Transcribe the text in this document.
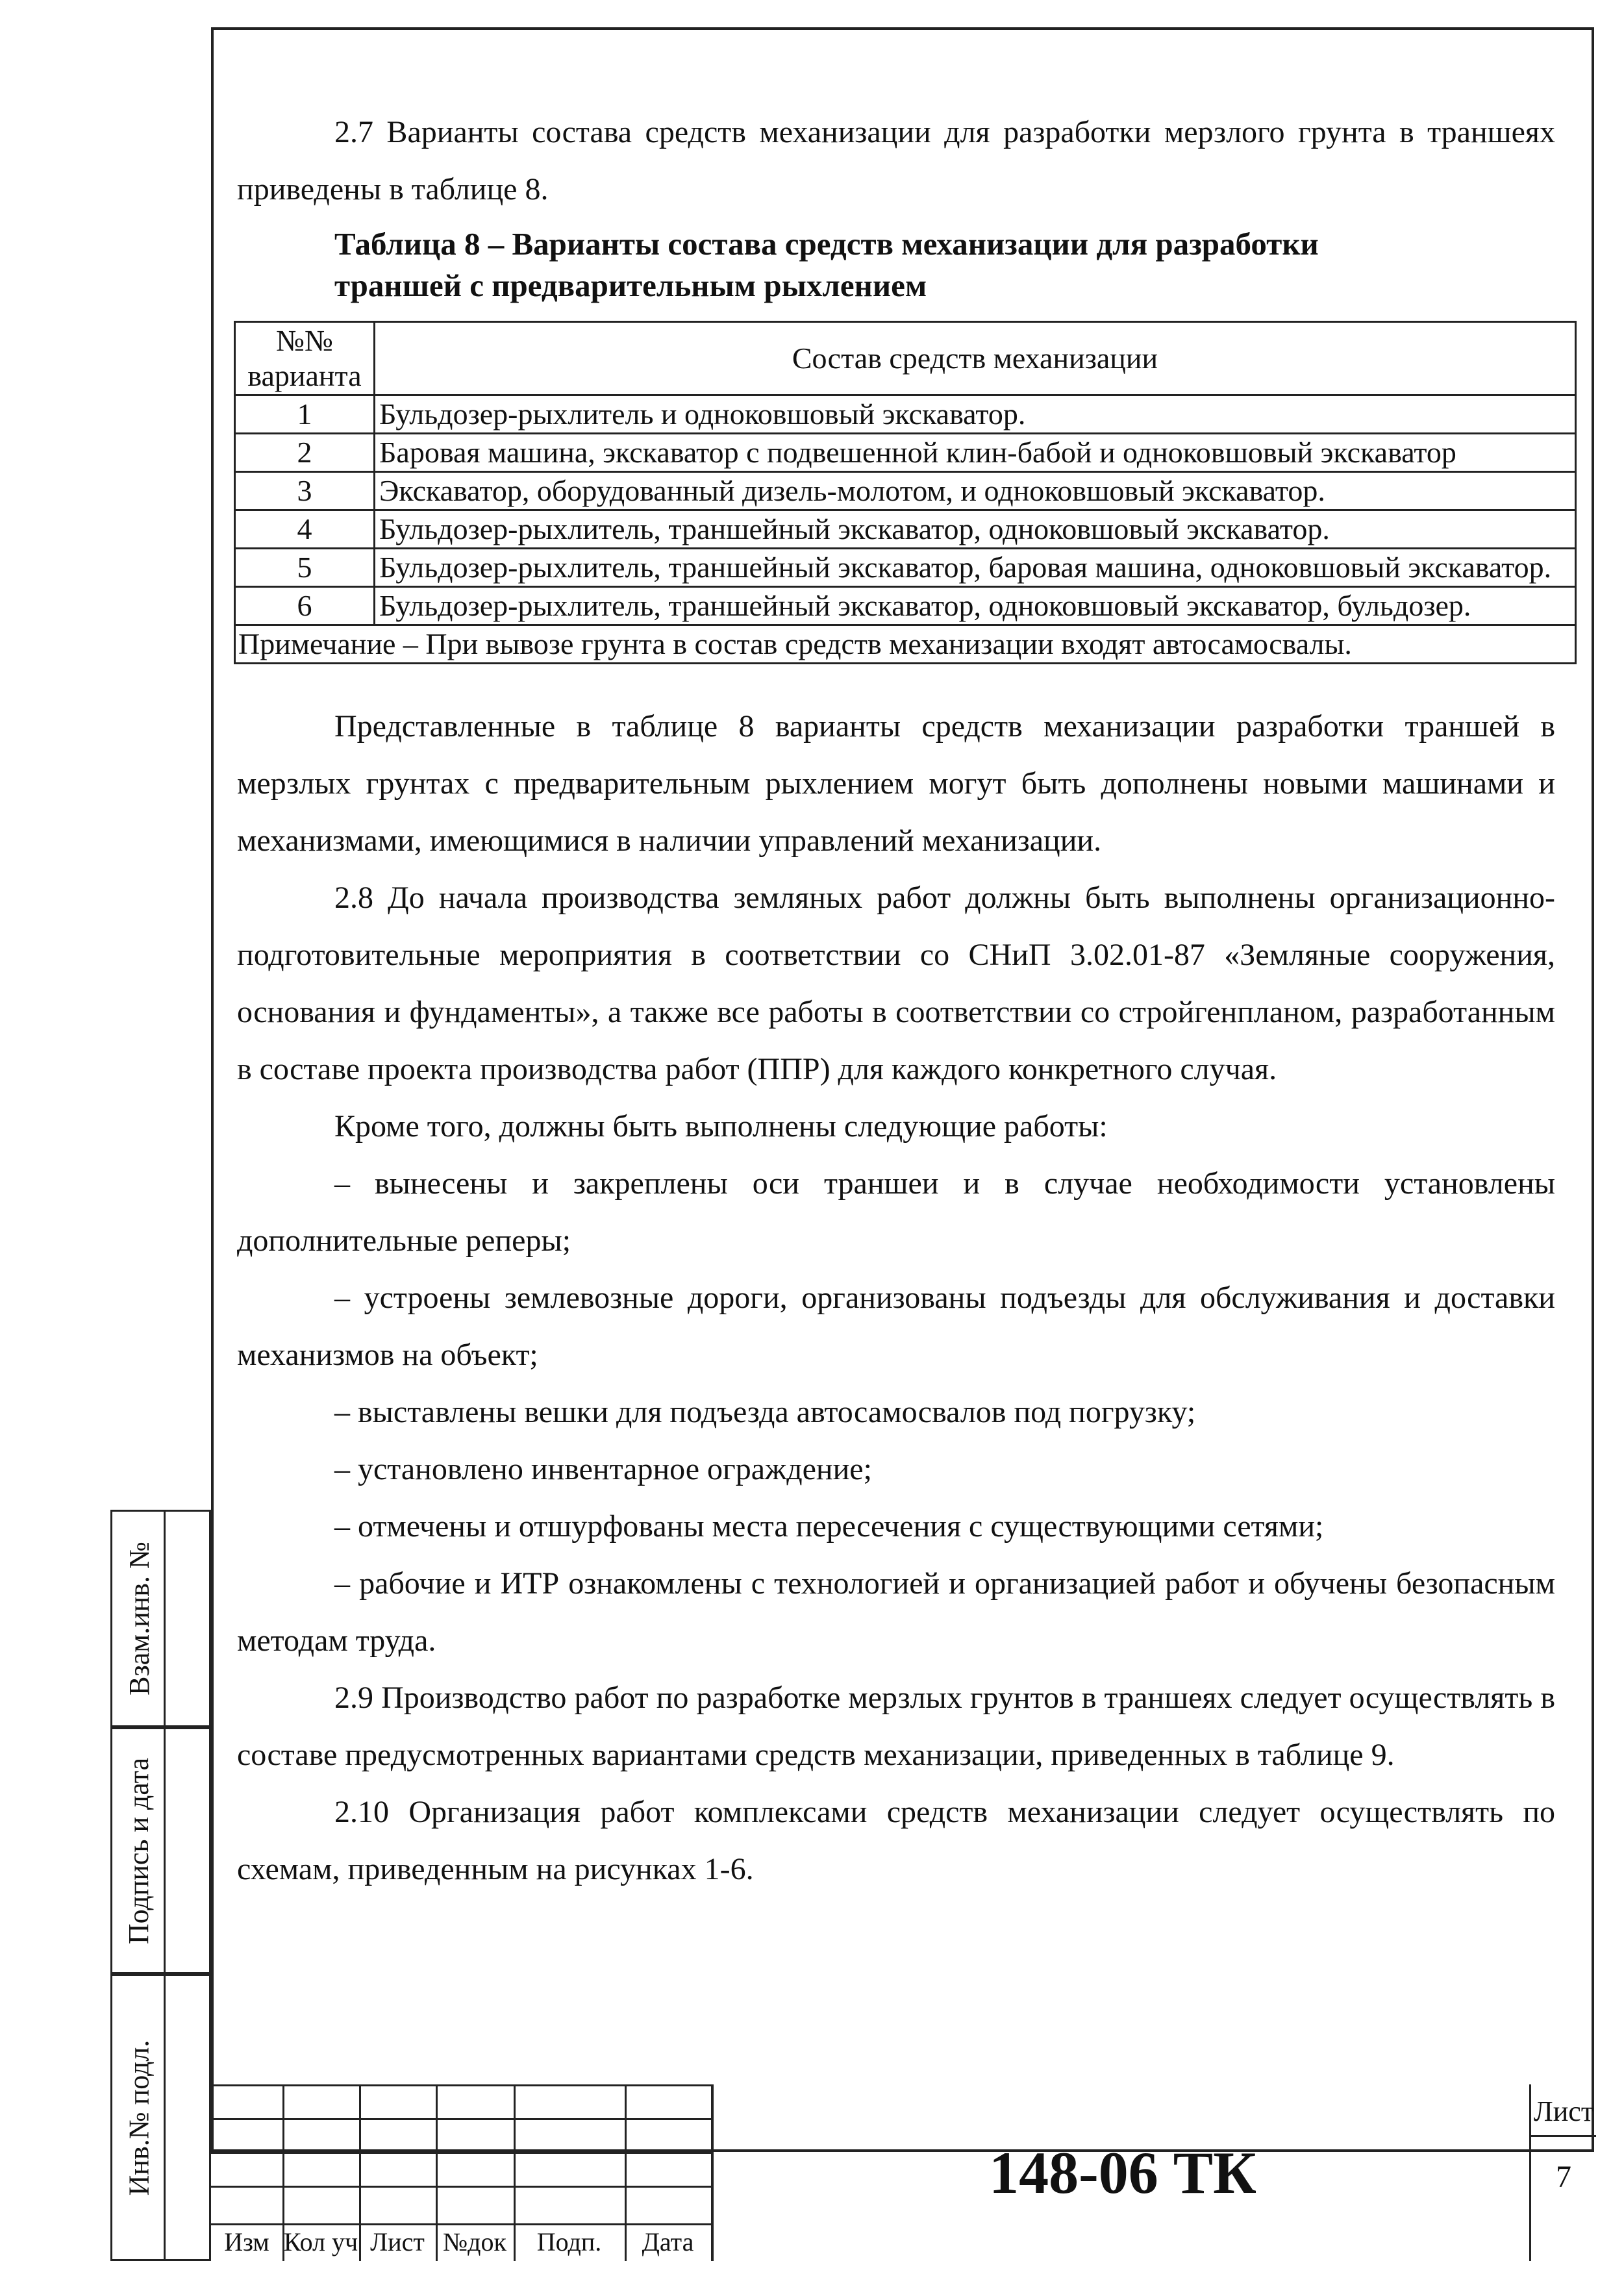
Взам.инв. №
Подпись и дата
Инв.№ подл.

2.7 Варианты состава средств механизации для разработки мерзлого грунта в траншеях приведены в таблице 8.

Таблица 8 – Варианты состава средств механизации для разработки
траншей с предварительным рыхлением
№№ варианта	Состав средств механизации
1	Бульдозер-рыхлитель и одноковшовый экскаватор.
2	Баровая машина, экскаватор с подвешенной клин-бабой и одноковшовый экскаватор
3	Экскаватор, оборудованный дизель-молотом, и одноковшовый экскаватор.
4	Бульдозер-рыхлитель, траншейный экскаватор, одноковшовый экскаватор.
5	Бульдозер-рыхлитель, траншейный экскаватор, баровая машина, одноковшовый экскаватор.
6	Бульдозер-рыхлитель, траншейный экскаватор, одноковшовый экскаватор, бульдозер.
Примечание – При вывозе грунта в состав средств механизации входят автосамосвалы.	

Представленные в таблице 8 варианты средств механизации разработки траншей в мерзлых грунтах с предварительным рыхлением могут быть дополнены новыми машинами и механизмами, имеющимися в наличии управлений механизации.

2.8 До начала производства земляных работ должны быть выполнены организационно-подготовительные мероприятия в соответствии со СНиП 3.02.01-87 «Земляные сооружения, основания и фундаменты», а также все работы в соответствии со стройгенпланом, разработанным в составе проекта производства работ (ППР) для каждого конкретного случая.

Кроме того, должны быть выполнены следующие работы:

– вынесены и закреплены оси траншеи и в случае необходимости установлены дополнительные реперы;

– устроены землевозные дороги, организованы подъезды для обслуживания и доставки механизмов на объект;

– выставлены вешки для подъезда автосамосвалов под погрузку;

– установлено инвентарное ограждение;

– отмечены и отшурфованы места пересечения с существующими сетями;

– рабочие и ИТР ознакомлены с технологией и организацией работ и обучены безопасным методам труда.

2.9 Производство работ по разработке мерзлых грунтов в траншеях следует осуществлять в составе предусмотренных вариантами средств механизации, приведенных в таблице 9.

2.10 Организация работ комплексами средств механизации следует осуществлять по схемам, приведенным на рисунках 1-6.

Изм Кол уч Лист №док	Подп.	Дата
148-06 ТК
Лист
7
